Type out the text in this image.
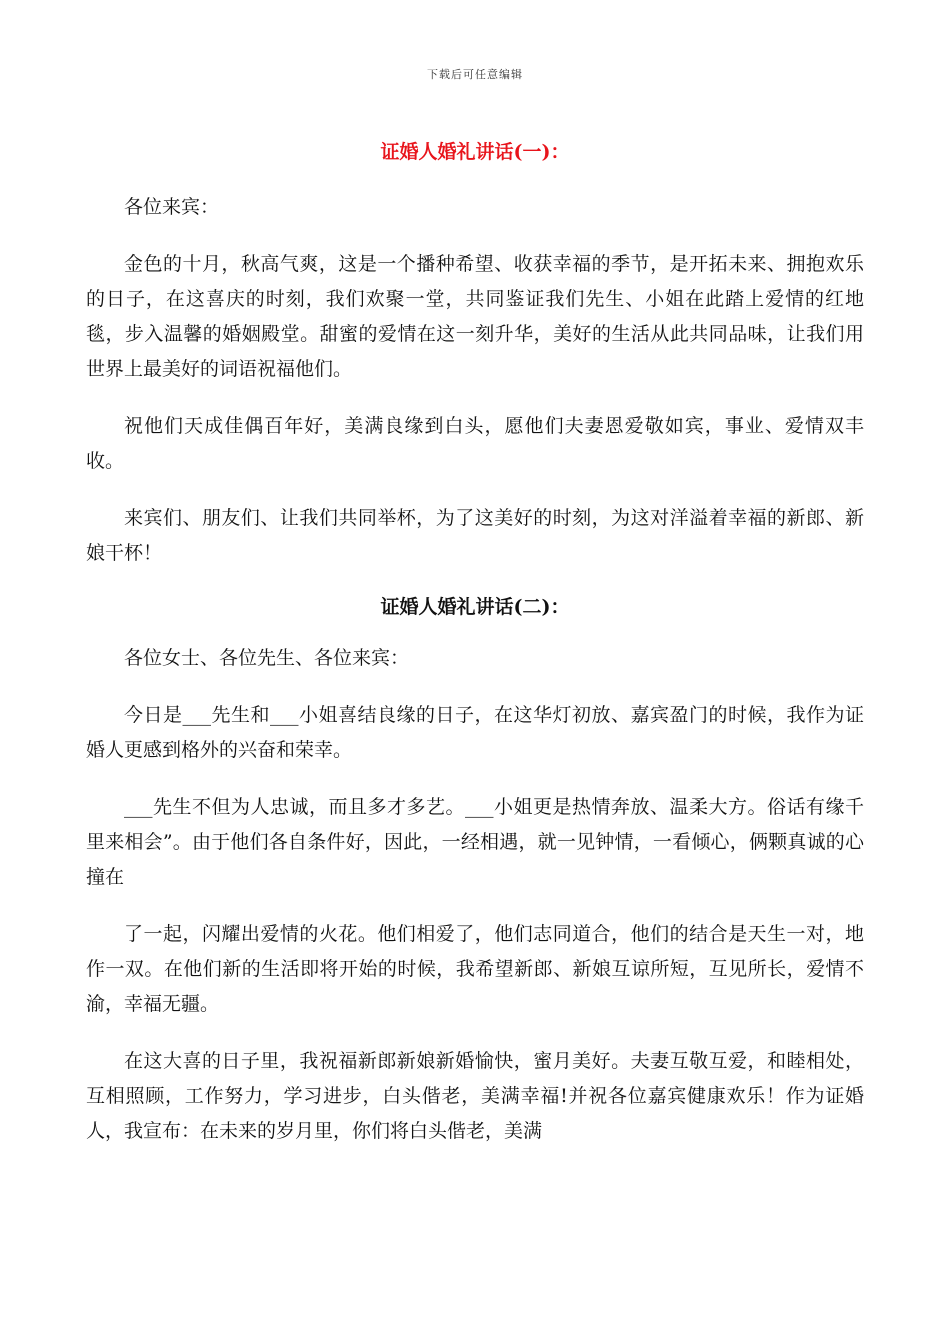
下载后可任意编辑
证婚人婚礼讲话(一)：

各位来宾：

金色的十月，秋高气爽，这是一个播种希望、收获幸福的季节，是开拓未来、拥抱欢乐的日子，在这喜庆的时刻，我们欢聚一堂，共同鉴证我们先生、小姐在此踏上爱情的红地毯，步入温馨的婚姻殿堂。甜蜜的爱情在这一刻升华，美好的生活从此共同品味，让我们用世界上最美好的词语祝福他们。

祝他们天成佳偶百年好，美满良缘到白头，愿他们夫妻恩爱敬如宾，事业、爱情双丰收。

来宾们、朋友们、让我们共同举杯，为了这美好的时刻，为这对洋溢着幸福的新郎、新娘干杯！

证婚人婚礼讲话(二)：

各位女士、各位先生、各位来宾：

今日是___先生和___小姐喜结良缘的日子，在这华灯初放、嘉宾盈门的时候，我作为证婚人更感到格外的兴奋和荣幸。

___先生不但为人忠诚，而且多才多艺。___小姐更是热情奔放、温柔大方。俗话有缘千里来相会”。由于他们各自条件好，因此，一经相遇，就一见钟情，一看倾心，俩颗真诚的心撞在

了一起，闪耀出爱情的火花。他们相爱了，他们志同道合，他们的结合是天生一对，地作一双。在他们新的生活即将开始的时候，我希望新郎、新娘互谅所短，互见所长，爱情不渝，幸福无疆。

在这大喜的日子里，我祝福新郎新娘新婚愉快，蜜月美好。夫妻互敬互爱，和睦相处，互相照顾，工作努力，学习进步，白头偕老，美满幸福!并祝各位嘉宾健康欢乐！作为证婚人，我宣布：在未来的岁月里，你们将白头偕老，美满
